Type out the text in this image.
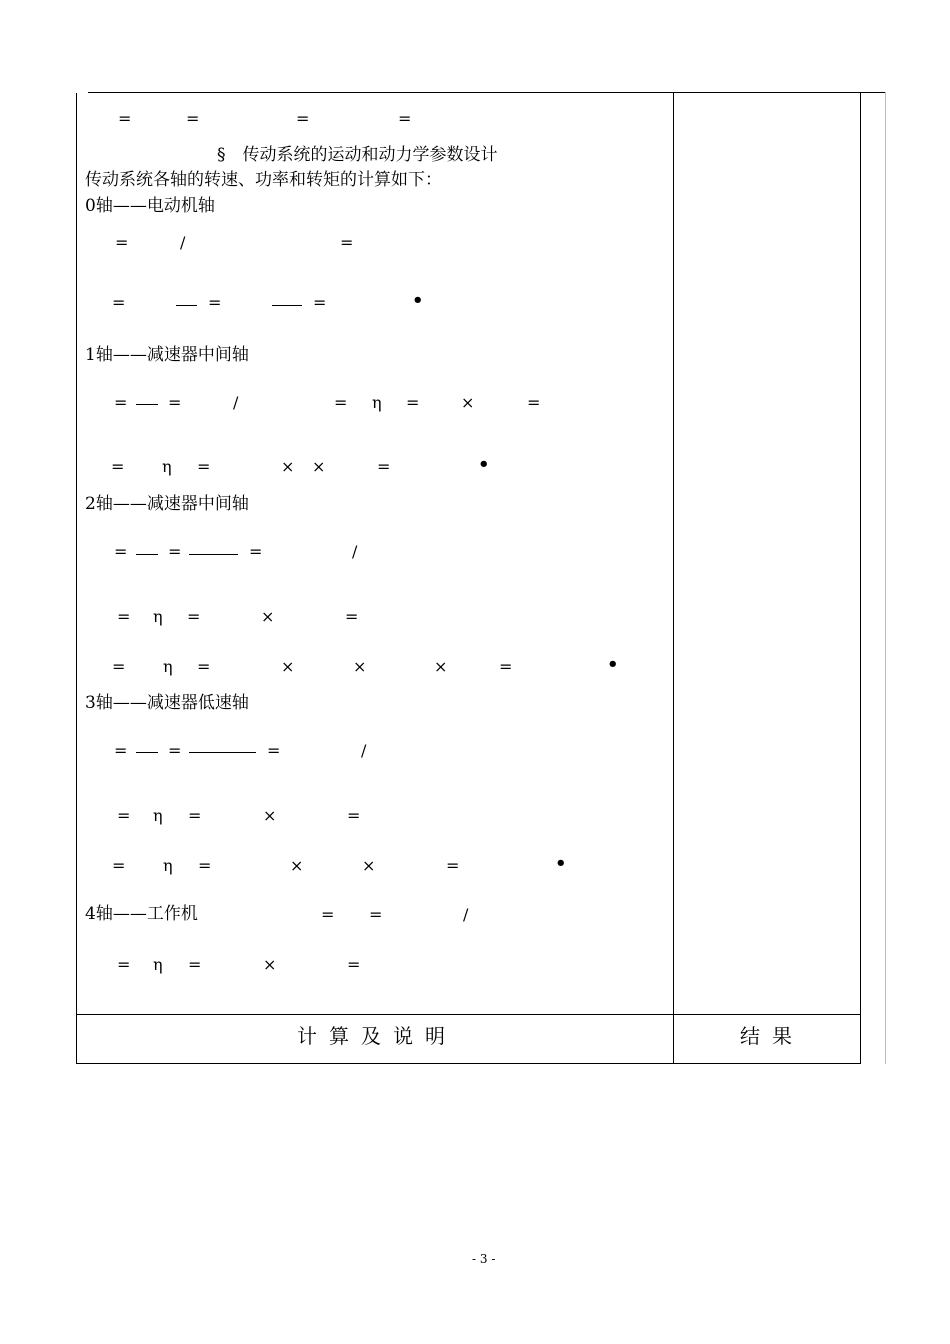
=	=	=	=
§　传动系统的运动和动力学参数设计
传动系统各轴的转速、功率和转矩的计算如下：
0轴——电动机轴
=	/	=
=	=	=	•
1轴——减速器中间轴
=	=	/	= η =	×	=
= η =	× ×	=	•
2轴——减速器中间轴
=	=	=	/
= η =	×	=
= η =	×	×	×	=	•
3轴——减速器低速轴
=	=	=	/
= η =	×	=
= η =	×	×	=	•
4轴——工作机	= =	/
= η =	×	=
计算及说明	结果
- 3 -
